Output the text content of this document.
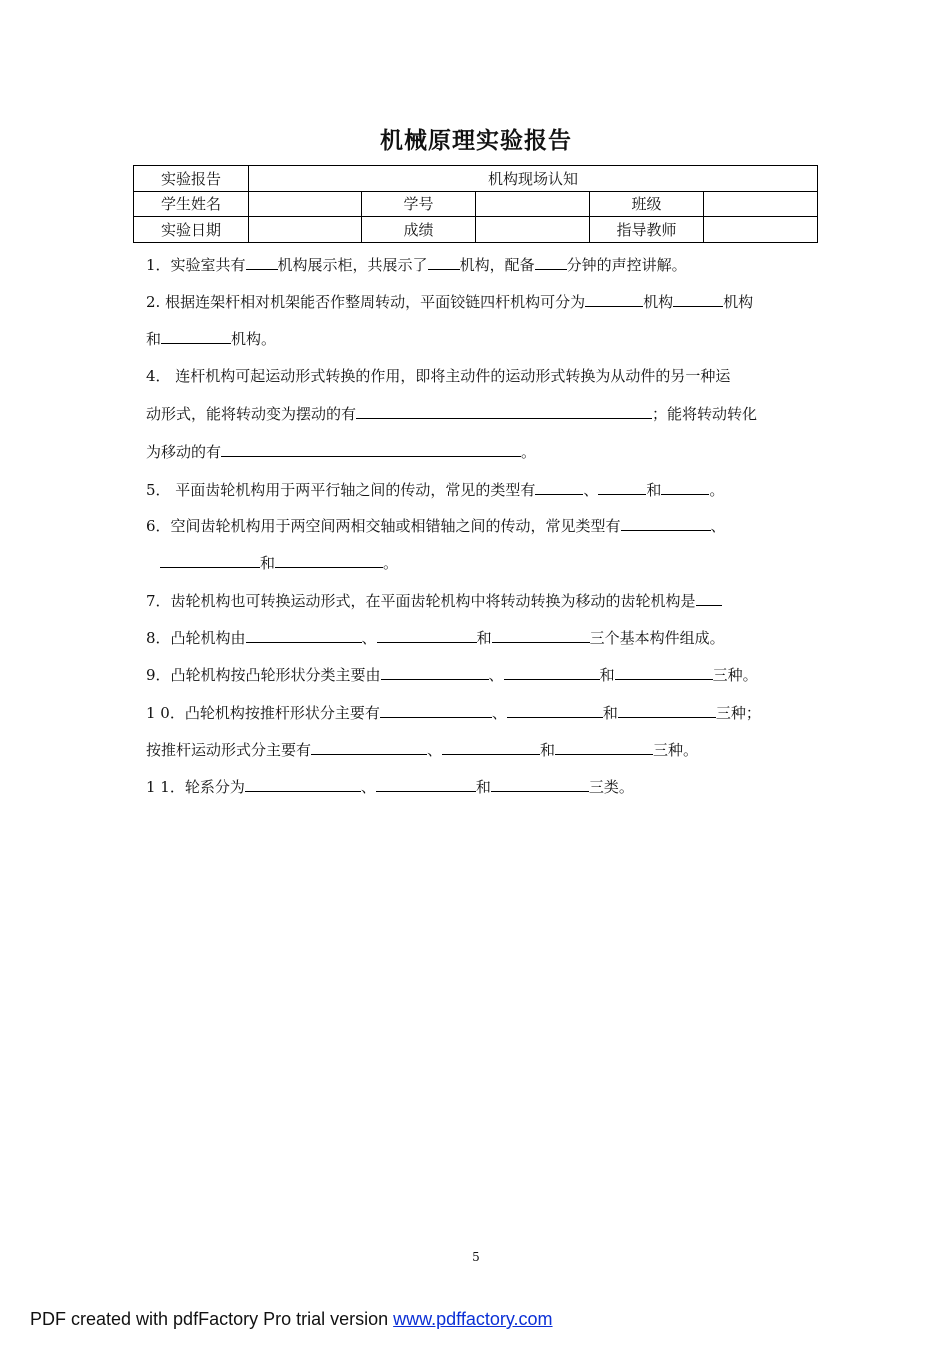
机械原理实验报告
实验报告	机构现场认知				
学生姓名		学号		班级	
实验日期		成绩		指导教师	
1．实验室共有 机构展示柜，共展示了 机构，配备 分钟的声控讲解。
2. 根据连架杆相对机架能否作整周转动，平面铰链四杆机构可分为	机构	机构
和	机构。
4． 连杆机构可起运动形式转换的作用，即将主动件的运动形式转换为从动件的另一种运
动形式，能将转动变为摆动的有	；能将转动转化
为移动的有	。
5． 平面齿轮机构用于两平行轴之间的传动，常见的类型有	、	和	。
6．空间齿轮机构用于两空间两相交轴或相错轴之间的传动，常见类型有	、
和	。
7．齿轮机构也可转换运动形式，在平面齿轮机构中将转动转换为移动的齿轮机构是
8．凸轮机构由	、	和	三个基本构件组成。
9．凸轮机构按凸轮形状分类主要由	、	和	三种。
1 0．凸轮机构按推杆形状分主要有	、	和	三种；
按推杆运动形式分主要有	、	和	三种。
1 1．轮系分为	、	和	三类。
5
PDF created with pdfFactory Pro trial version www.pdffactory.com
